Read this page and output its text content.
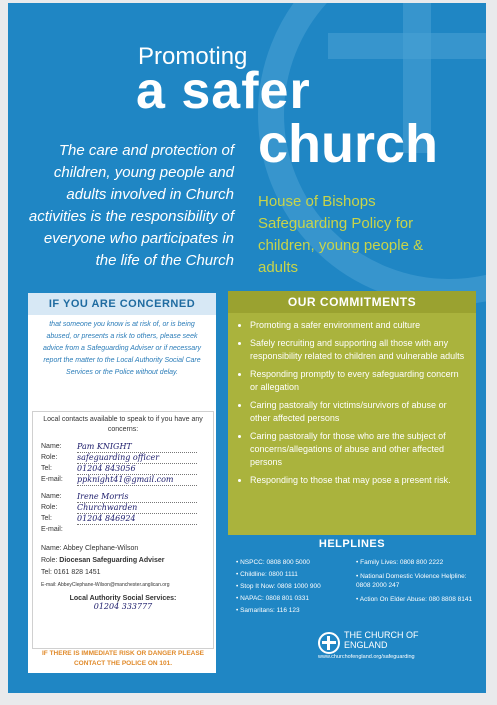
Promoting
a safer
church
The care and protection of children, young people and adults involved in Church activities is the responsibility of everyone who participates in the life of the Church
House of Bishops Safeguarding Policy for children, young people & adults
IF YOU ARE CONCERNED
that someone you know is at risk of, or is being abused, or presents a risk to others, please seek advice from a Safeguarding Adviser or if necessary report the matter to the Local Authority Social Care Services or the Police without delay.
Local contacts available to speak to if you have any concerns:
Name: Pam KNIGHT
Role: safeguarding officer
Tel:	01204 843056
E-mail: ppknight41@gmail.com
Name: Irene Morris
Role: Churchwarden
Tel:	01204 846924
E-mail:
Name: Abbey Clephane-Wilson
Role: Diocesan Safeguarding Adviser
Tel: 0161 828 1451
E-mail: AbbeyClephane-Wilson@manchester.anglican.org
Local Authority Social Services:
01204 333777
IF THERE IS IMMEDIATE RISK OR DANGER PLEASE CONTACT THE POLICE ON 101.
OUR COMMITMENTS
• Promoting a safer environment and culture
• Safely recruiting and supporting all those with any responsibility related to children and vulnerable adults
• Responding promptly to every safeguarding concern or allegation
• Caring pastorally for victims/survivors of abuse or other affected persons
• Caring pastorally for those who are the subject of concerns/allegations of abuse and other affected persons
• Responding to those that may pose a present risk.
HELPLINES
• NSPCC: 0808 800 5000
• Childline: 0800 1111
• Stop It Now: 0808 1000 900
• NAPAC: 0808 801 0331
• Samaritans: 116 123
• Family Lives: 0808 800 2222
• National Domestic Violence Helpline: 0808 2000 247
• Action On Elder Abuse: 080 8808 8141
THE CHURCH OF ENGLAND
www.churchofengland.org/safeguarding
